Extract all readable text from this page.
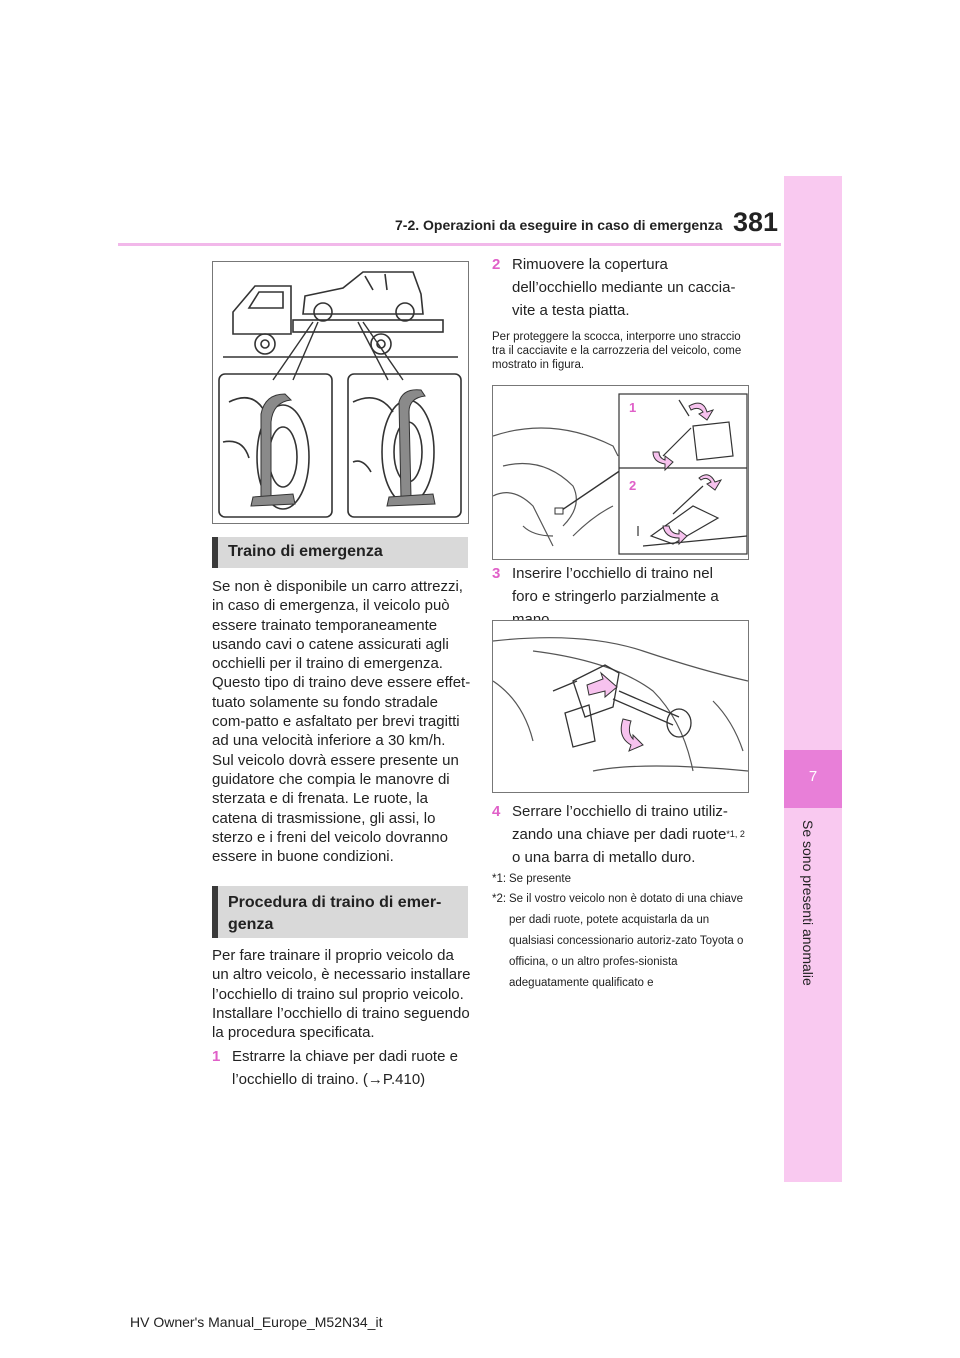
7-2. Operazioni da eseguire in caso di emergenza 381
7
Se sono presenti anomalie
Traino di emergenza
Se non è disponibile un carro attrezzi, in caso di emergenza, il veicolo può essere trainato temporaneamente usando cavi o catene assicurati agli occhielli per il traino di emergenza. Questo tipo di traino deve essere effet-tuato solamente su fondo stradale com-patto e asfaltato per brevi tragitti ad una velocità inferiore a 30 km/h.
Sul veicolo dovrà essere presente un guidatore che compia le manovre di sterzata e di frenata. Le ruote, la catena di trasmissione, gli assi, lo sterzo e i freni del veicolo dovranno essere in buone condizioni.
Procedura di traino di emer-genza
Per fare trainare il proprio veicolo da un altro veicolo, è necessario installare l’occhiello di traino sul proprio veicolo. Installare l’occhiello di traino seguendo la procedura specificata.
1 Estrarre la chiave per dadi ruote e l’occhiello di traino. (→P.410)
2 Rimuovere la copertura dell’occhiello mediante un caccia-vite a testa piatta.
Per proteggere la scocca, interporre uno straccio tra il cacciavite e la carrozzeria del veicolo, come mostrato in figura.
1
2
3 Inserire l’occhiello di traino nel foro e stringerlo parzialmente a
4 Serrare l’occhiello di traino utiliz-zando una chiave per dadi ruote$^{*1, 2}$
o una barra di metallo duro.
*1: Se presente
*2: Se il vostro veicolo non è dotato di una chiave per dadi ruote, potete acquistarla da un qualsiasi concessionario autoriz-zato Toyota o officina, o un altro profes-sionista adeguatamente qualificato e
HV Owner's Manual_Europe_M52N34_it
